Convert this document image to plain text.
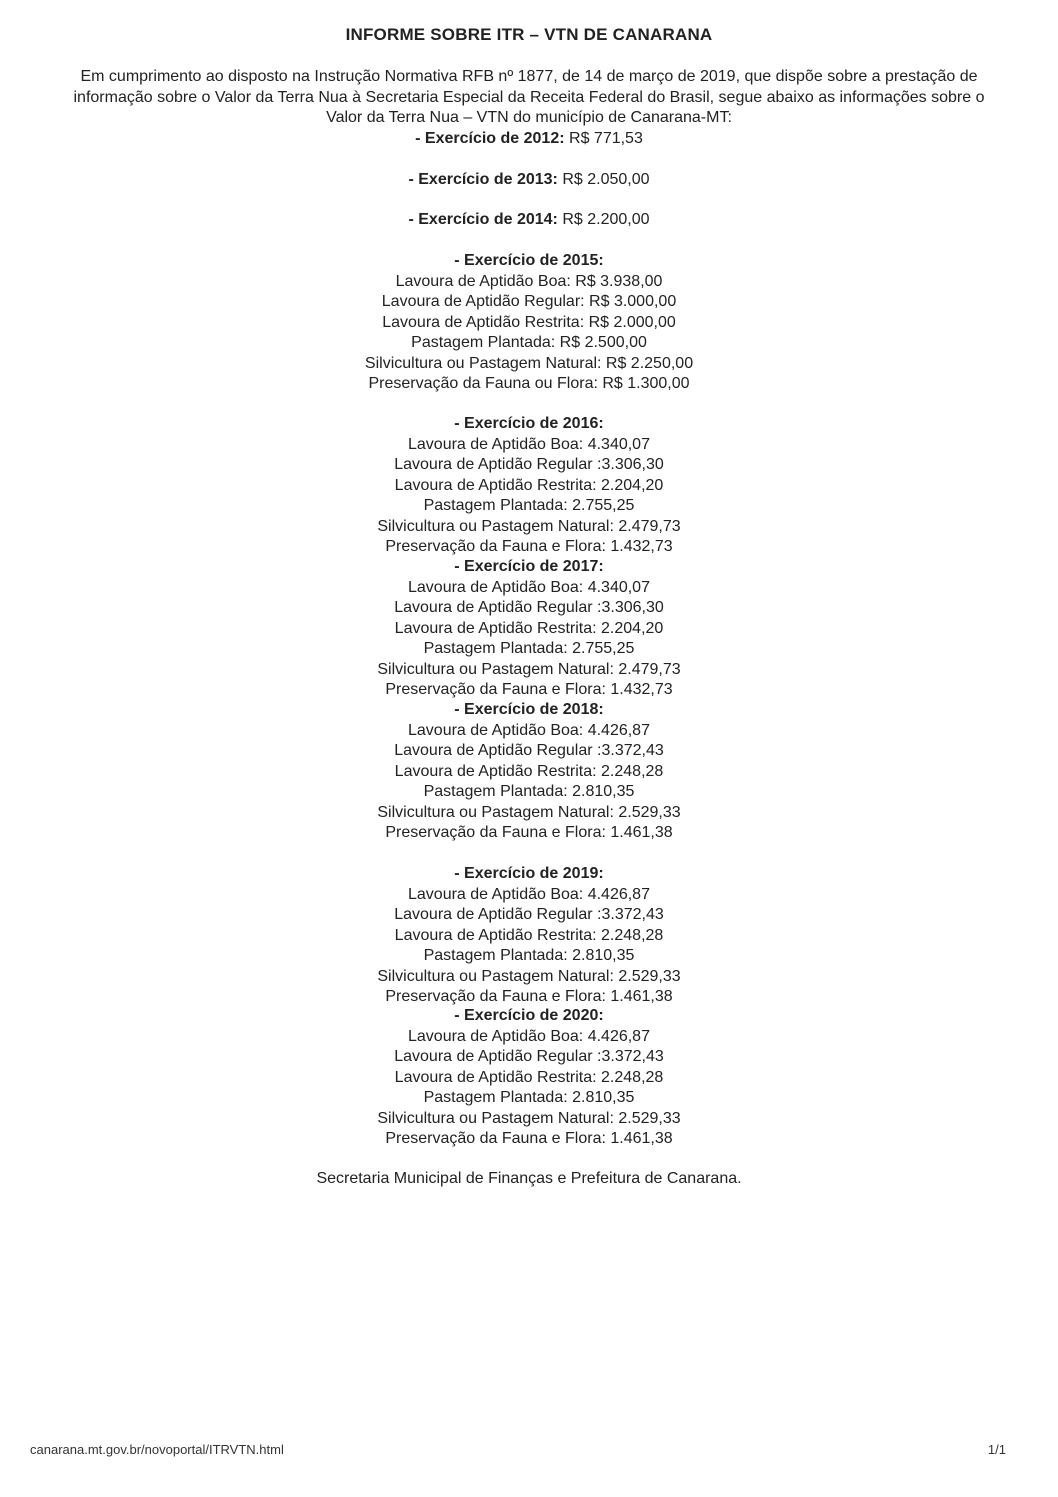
INFORME SOBRE ITR – VTN DE CANARANA
Em cumprimento ao disposto na Instrução Normativa RFB nº 1877, de 14 de março de 2019, que dispõe sobre a prestação de informação sobre o Valor da Terra Nua à Secretaria Especial da Receita Federal do Brasil, segue abaixo as informações sobre o Valor da Terra Nua – VTN do município de Canarana-MT:
- Exercício de 2012: R$ 771,53
- Exercício de 2013: R$ 2.050,00
- Exercício de 2014: R$ 2.200,00
- Exercício de 2015:
Lavoura de Aptidão Boa: R$ 3.938,00
Lavoura de Aptidão Regular: R$ 3.000,00
Lavoura de Aptidão Restrita: R$ 2.000,00
Pastagem Plantada: R$ 2.500,00
Silvicultura ou Pastagem Natural: R$ 2.250,00
Preservação da Fauna ou Flora: R$ 1.300,00
- Exercício de 2016:
Lavoura de Aptidão Boa: 4.340,07
Lavoura de Aptidão Regular :3.306,30
Lavoura de Aptidão Restrita: 2.204,20
Pastagem Plantada: 2.755,25
Silvicultura ou Pastagem Natural: 2.479,73
Preservação da Fauna e Flora: 1.432,73
- Exercício de 2017:
Lavoura de Aptidão Boa: 4.340,07
Lavoura de Aptidão Regular :3.306,30
Lavoura de Aptidão Restrita: 2.204,20
Pastagem Plantada: 2.755,25
Silvicultura ou Pastagem Natural: 2.479,73
Preservação da Fauna e Flora: 1.432,73
- Exercício de 2018:
Lavoura de Aptidão Boa: 4.426,87
Lavoura de Aptidão Regular :3.372,43
Lavoura de Aptidão Restrita: 2.248,28
Pastagem Plantada: 2.810,35
Silvicultura ou Pastagem Natural: 2.529,33
Preservação da Fauna e Flora: 1.461,38
- Exercício de 2019:
Lavoura de Aptidão Boa: 4.426,87
Lavoura de Aptidão Regular :3.372,43
Lavoura de Aptidão Restrita: 2.248,28
Pastagem Plantada: 2.810,35
Silvicultura ou Pastagem Natural: 2.529,33
Preservação da Fauna e Flora: 1.461,38
- Exercício de 2020:
Lavoura de Aptidão Boa: 4.426,87
Lavoura de Aptidão Regular :3.372,43
Lavoura de Aptidão Restrita: 2.248,28
Pastagem Plantada: 2.810,35
Silvicultura ou Pastagem Natural: 2.529,33
Preservação da Fauna e Flora: 1.461,38
Secretaria Municipal de Finanças e Prefeitura de Canarana.
canarana.mt.gov.br/novoportal/ITRVTN.html	1/1
